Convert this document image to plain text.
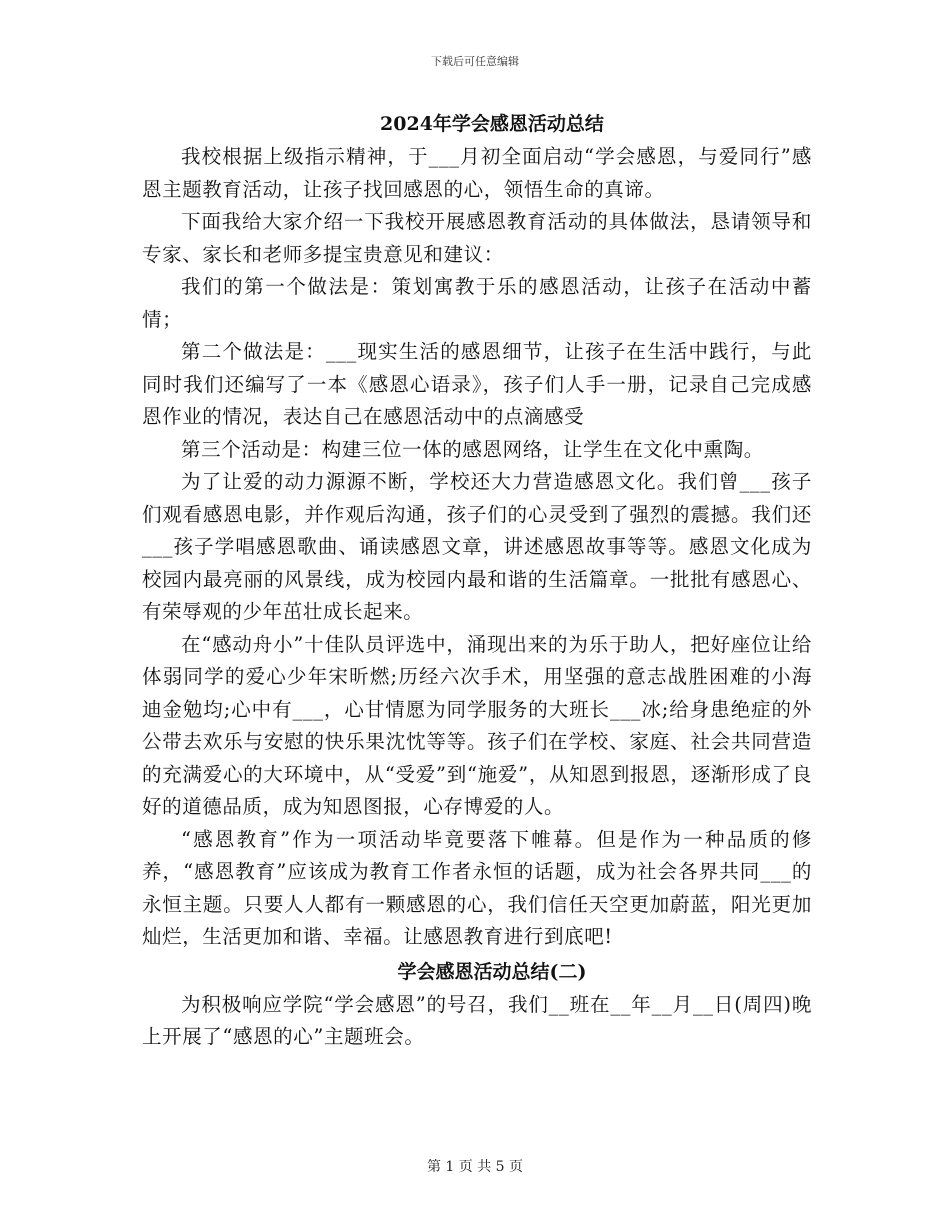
下载后可任意编辑
2024年学会感恩活动总结

我校根据上级指示精神，于___月初全面启动“学会感恩，与爱同行”感恩主题教育活动，让孩子找回感恩的心，领悟生命的真谛。

下面我给大家介绍一下我校开展感恩教育活动的具体做法，恳请领导和专家、家长和老师多提宝贵意见和建议：

我们的第一个做法是：策划寓教于乐的感恩活动，让孩子在活动中蓄情；

第二个做法是：___现实生活的感恩细节，让孩子在生活中践行，与此同时我们还编写了一本《感恩心语录》，孩子们人手一册，记录自己完成感恩作业的情况，表达自己在感恩活动中的点滴感受

第三个活动是：构建三位一体的感恩网络，让学生在文化中熏陶。

为了让爱的动力源源不断，学校还大力营造感恩文化。我们曾___孩子们观看感恩电影，并作观后沟通，孩子们的心灵受到了强烈的震撼。我们还___孩子学唱感恩歌曲、诵读感恩文章，讲述感恩故事等等。感恩文化成为校园内最亮丽的风景线，成为校园内最和谐的生活篇章。一批批有感恩心、有荣辱观的少年茁壮成长起来。

在“感动舟小”十佳队员评选中，涌现出来的为乐于助人，把好座位让给体弱同学的爱心少年宋昕燃;历经六次手术，用坚强的意志战胜困难的小海迪金勉均;心中有___，心甘情愿为同学服务的大班长___冰;给身患绝症的外公带去欢乐与安慰的快乐果沈忱等等。孩子们在学校、家庭、社会共同营造的充满爱心的大环境中，从“受爱”到“施爱”，从知恩到报恩，逐渐形成了良好的道德品质，成为知恩图报，心存博爱的人。

“感恩教育”作为一项活动毕竟要落下帷幕。但是作为一种品质的修养，“感恩教育”应该成为教育工作者永恒的话题，成为社会各界共同___的永恒主题。只要人人都有一颗感恩的心，我们信任天空更加蔚蓝，阳光更加灿烂，生活更加和谐、幸福。让感恩教育进行到底吧!

学会感恩活动总结(二)

为积极响应学院“学会感恩”的号召，我们__班在__年__月__日(周四)晚上开展了“感恩的心”主题班会。

第 1 页 共 5 页
